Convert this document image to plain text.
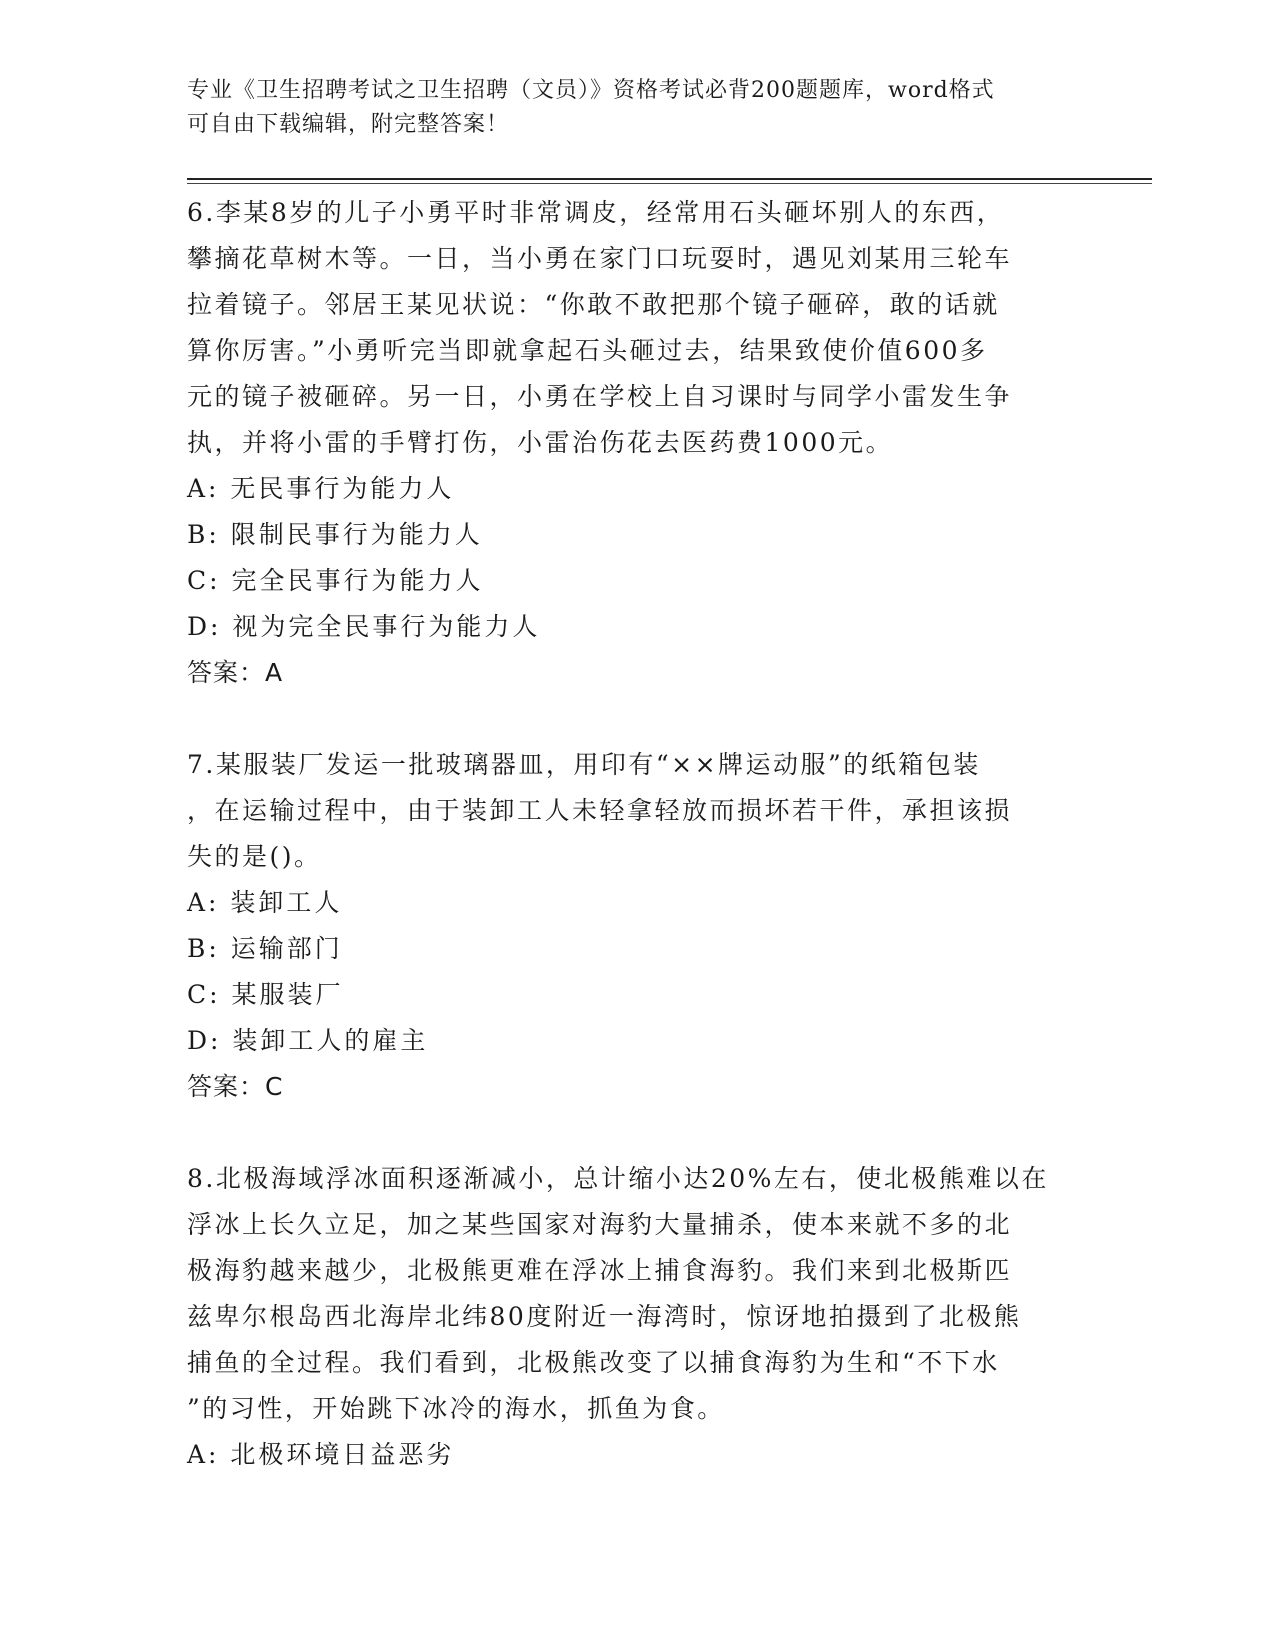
专业《卫生招聘考试之卫生招聘（文员）》资格考试必背200题题库，word格式
可自由下载编辑，附完整答案！

6.李某8岁的儿子小勇平时非常调皮，经常用石头砸坏别人的东西，

攀摘花草树木等。一日，当小勇在家门口玩耍时，遇见刘某用三轮车

拉着镜子。邻居王某见状说：“你敢不敢把那个镜子砸碎，敢的话就

算你厉害。”小勇听完当即就拿起石头砸过去，结果致使价值600多

元的镜子被砸碎。另一日，小勇在学校上自习课时与同学小雷发生争

执，并将小雷的手臂打伤，小雷治伤花去医药费1000元。

A: 无民事行为能力人

B: 限制民事行为能力人

C: 完全民事行为能力人

D: 视为完全民事行为能力人

答案：A

7.某服装厂发运一批玻璃器皿，用印有“××牌运动服”的纸箱包装

，在运输过程中，由于装卸工人未轻拿轻放而损坏若干件，承担该损

失的是()。

A: 装卸工人

B: 运输部门

C: 某服装厂

D: 装卸工人的雇主

答案：C

8.北极海域浮冰面积逐渐减小，总计缩小达20%左右，使北极熊难以在

浮冰上长久立足，加之某些国家对海豹大量捕杀，使本来就不多的北

极海豹越来越少，北极熊更难在浮冰上捕食海豹。我们来到北极斯匹

兹卑尔根岛西北海岸北纬80度附近一海湾时，惊讶地拍摄到了北极熊

捕鱼的全过程。我们看到，北极熊改变了以捕食海豹为生和“不下水

”的习性，开始跳下冰冷的海水，抓鱼为食。

A: 北极环境日益恶劣
